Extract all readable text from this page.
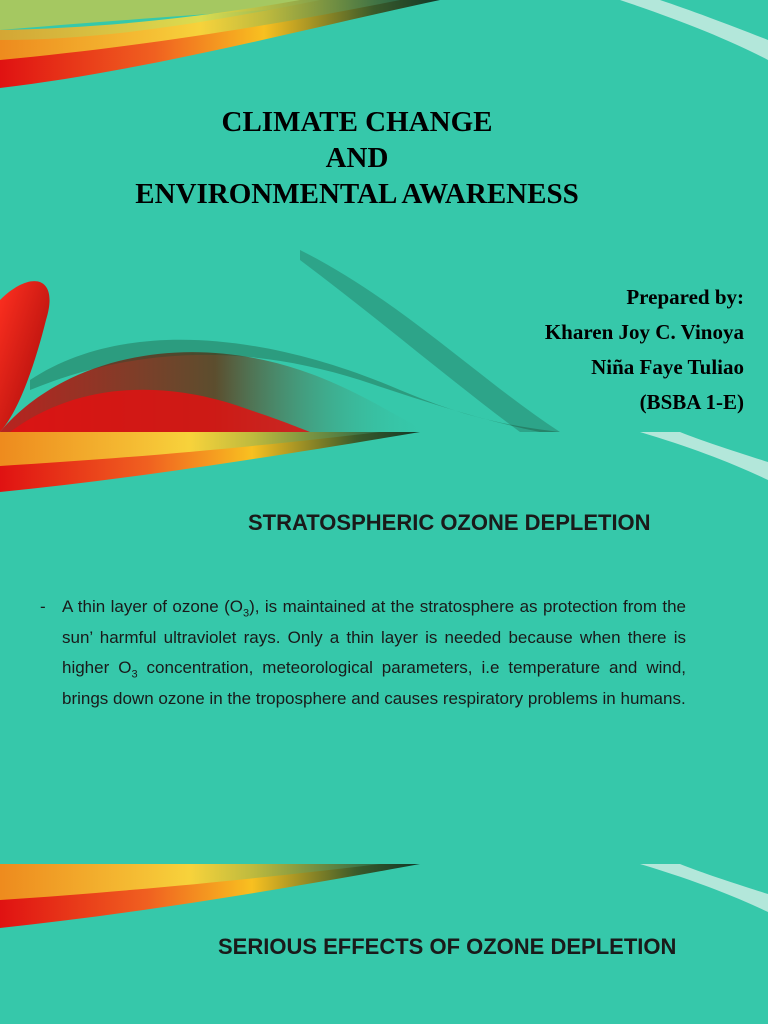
CLIMATE CHANGE
AND
ENVIRONMENTAL AWARENESS
Prepared by:
Kharen Joy C. Vinoya
Niña Faye Tuliao
(BSBA 1-E)
STRATOSPHERIC OZONE DEPLETION
- A thin layer of ozone $(O_3)$, is maintained at the stratosphere as protection from the sun’ harmful ultraviolet rays. Only a thin layer is needed because when there is higher $O_3$ concentration, meteorological parameters, i.e temperature and wind, brings down ozone in the troposphere and causes respiratory problems in humans.
SERIOUS EFFECTS OF OZONE DEPLETION
